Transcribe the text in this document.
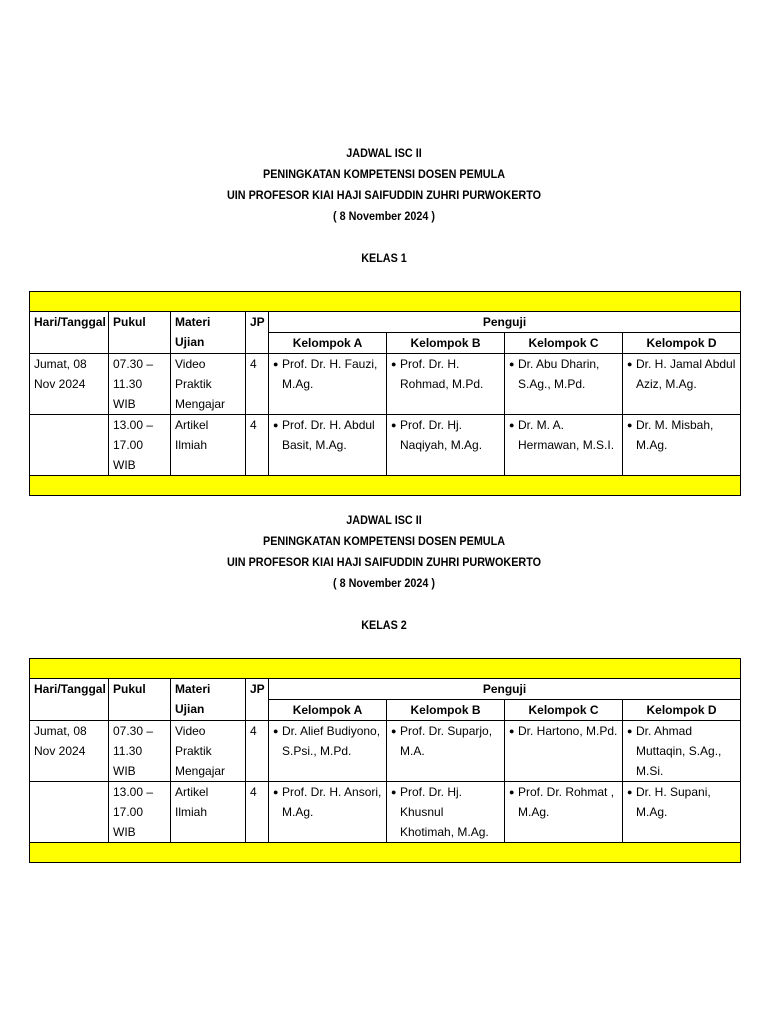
JADWAL ISC II
PENINGKATAN KOMPETENSI DOSEN PEMULA
UIN PROFESOR KIAI HAJI SAIFUDDIN ZUHRI PURWOKERTO
( 8 November 2024 )
KELAS 1

Hari/Tanggal	Pukul	Materi Ujian	JP	Penguji			
				Kelompok A	Kelompok B	Kelompok C	Kelompok D
Jumat, 08 Nov 2024	07.30 – 11.30 WIB	Video Praktik Mengajar	4	● Prof. Dr. H. Fauzi, M.Ag.	● Prof. Dr. H. Rohmad, M.Pd.	● Dr. Abu Dharin, S.Ag., M.Pd.	● Dr. H. Jamal Abdul Aziz, M.Ag.

	13.00 – 17.00 WIB	Artikel Ilmiah	4	● Prof. Dr. H. Abdul Basit, M.Ag.	● Prof. Dr. Hj. Naqiyah, M.Ag.	● Dr. M. A. Hermawan, M.S.I.	● Dr. M. Misbah, M.Ag.

JADWAL ISC II
PENINGKATAN KOMPETENSI DOSEN PEMULA
UIN PROFESOR KIAI HAJI SAIFUDDIN ZUHRI PURWOKERTO
( 8 November 2024 )
KELAS 2

Hari/Tanggal	Pukul	Materi Ujian	JP	Penguji			
				Kelompok A	Kelompok B	Kelompok C	Kelompok D
Jumat, 08 Nov 2024	07.30 – 11.30 WIB	Video Praktik Mengajar	4	● Dr. Alief Budiyono, S.Psi., M.Pd.	● Prof. Dr. Suparjo, M.A.	● Dr. Hartono, M.Pd.	● Dr. Ahmad Muttaqin, S.Ag., M.Si.

	13.00 – 17.00 WIB	Artikel Ilmiah	4	● Prof. Dr. H. Ansori, M.Ag.	● Prof. Dr. Hj. Khusnul Khotimah, M.Ag.	● Prof. Dr. Rohmat , M.Ag.	● Dr. H. Supani, M.Ag.
